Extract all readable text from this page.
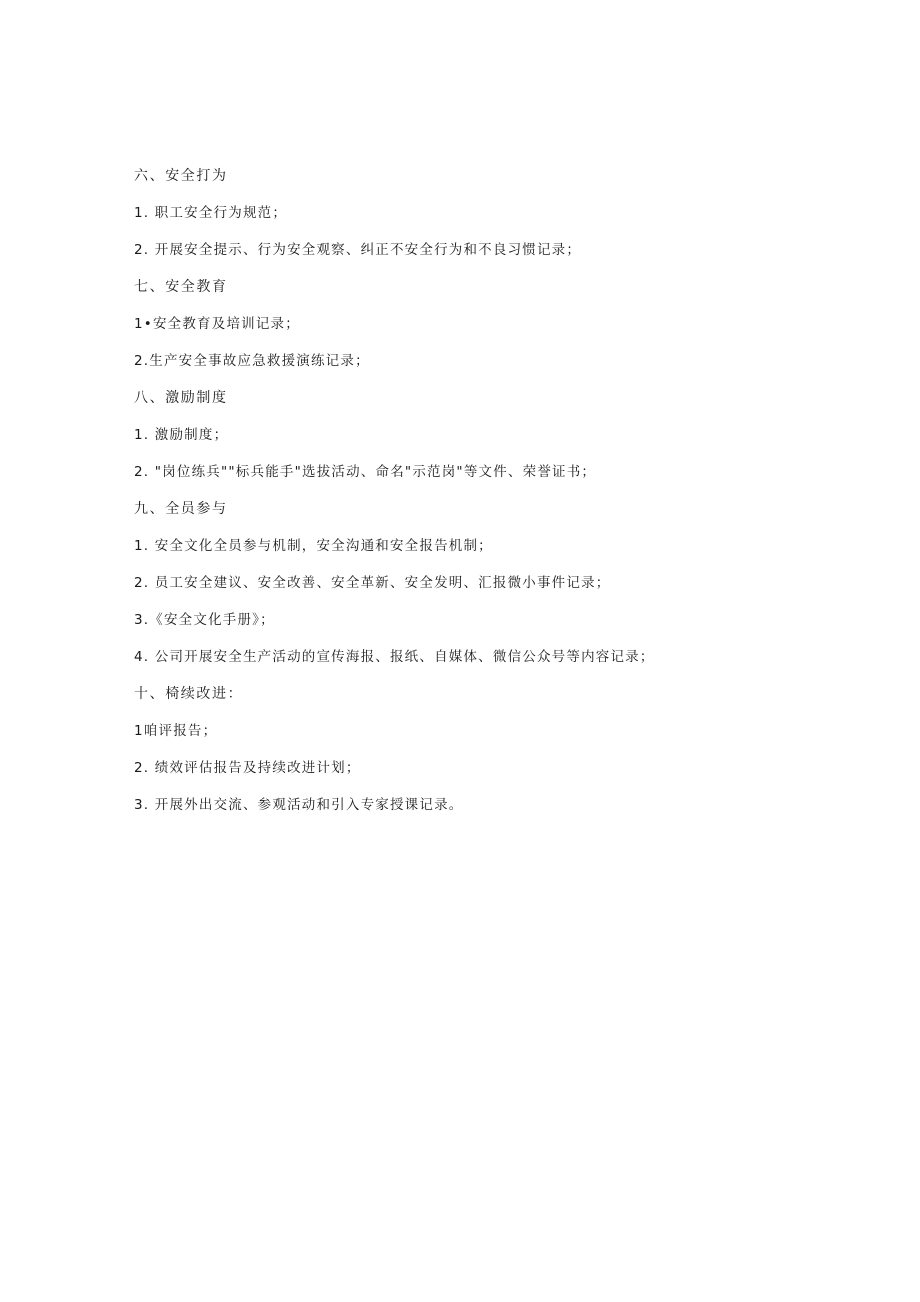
六、安全打为
1. 职工安全行为规范；
2. 开展安全提示、行为安全观察、纠正不安全行为和不良习惯记录；
七、安全教育
1•安全教育及培训记录；
2.生产安全事故应急救援演练记录；
八、激励制度
1. 激励制度；
2. "岗位练兵""标兵能手"选拔活动、命名"示范岗"等文件、荣誉证书；
九、全员参与
1. 安全文化全员参与机制，安全沟通和安全报告机制；
2. 员工安全建议、安全改善、安全革新、安全发明、汇报微小事件记录；
3.《安全文化手册》；
4. 公司开展安全生产活动的宣传海报、报纸、自媒体、微信公众号等内容记录；
十、椅续改进：
1咱评报告；
2. 绩效评估报告及持续改进计划；
3. 开展外出交流、参观活动和引入专家授课记录。
